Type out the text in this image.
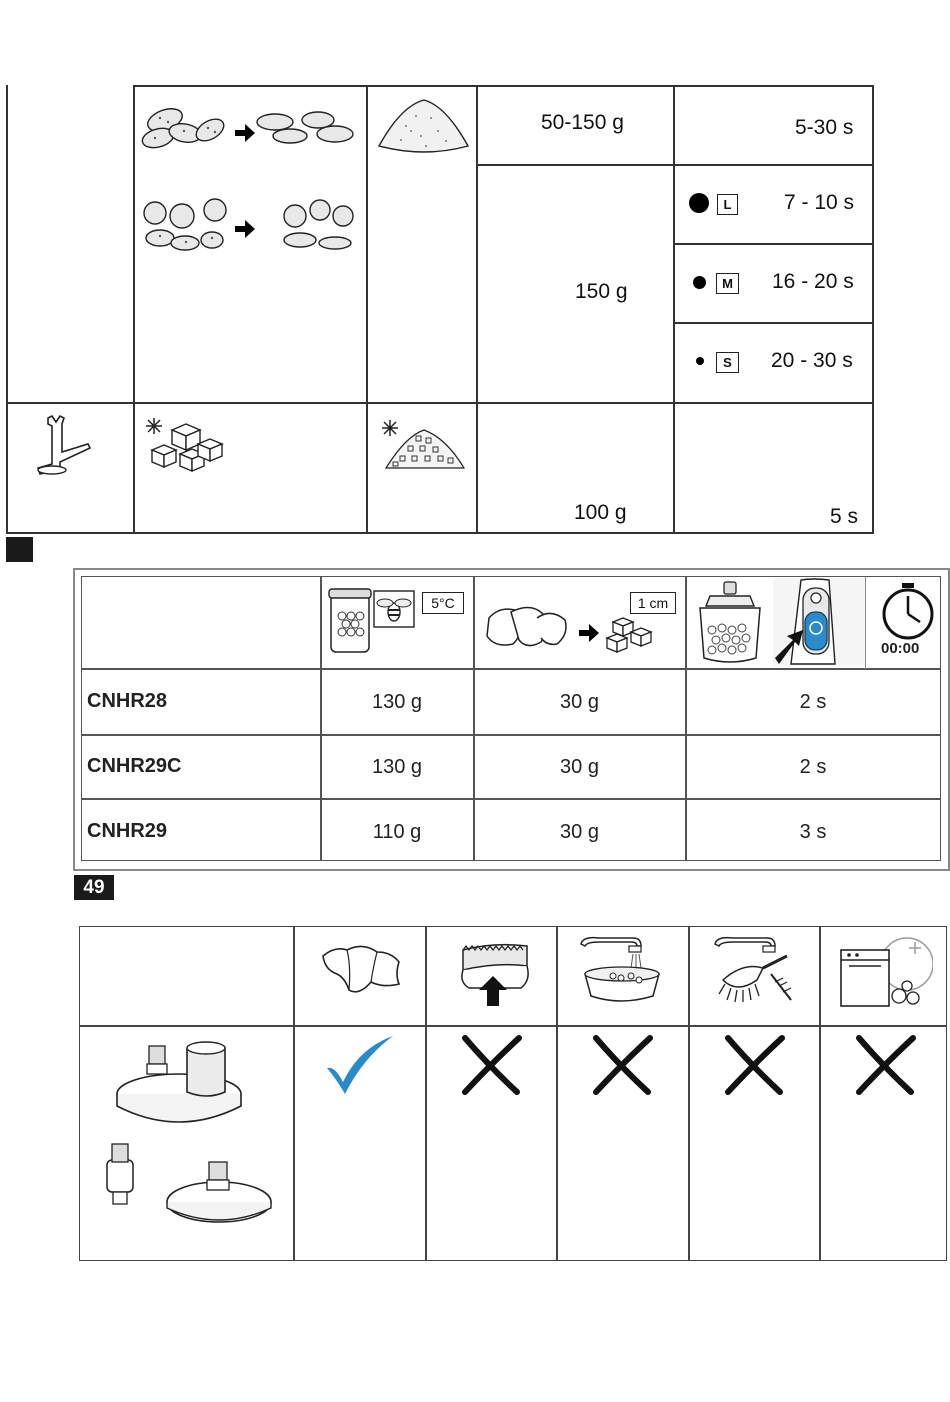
50-150 g	5-30 s
150 g
L	7 - 10 s
M 16 - 20 s
S	20 - 30 s
100 g	5 s
5°C	1 cm
00:00
CNHR28	130 g	30 g	2 s
CNHR29C	130 g	30 g	2 s
CNHR29	110 g	30 g	3 s
49
